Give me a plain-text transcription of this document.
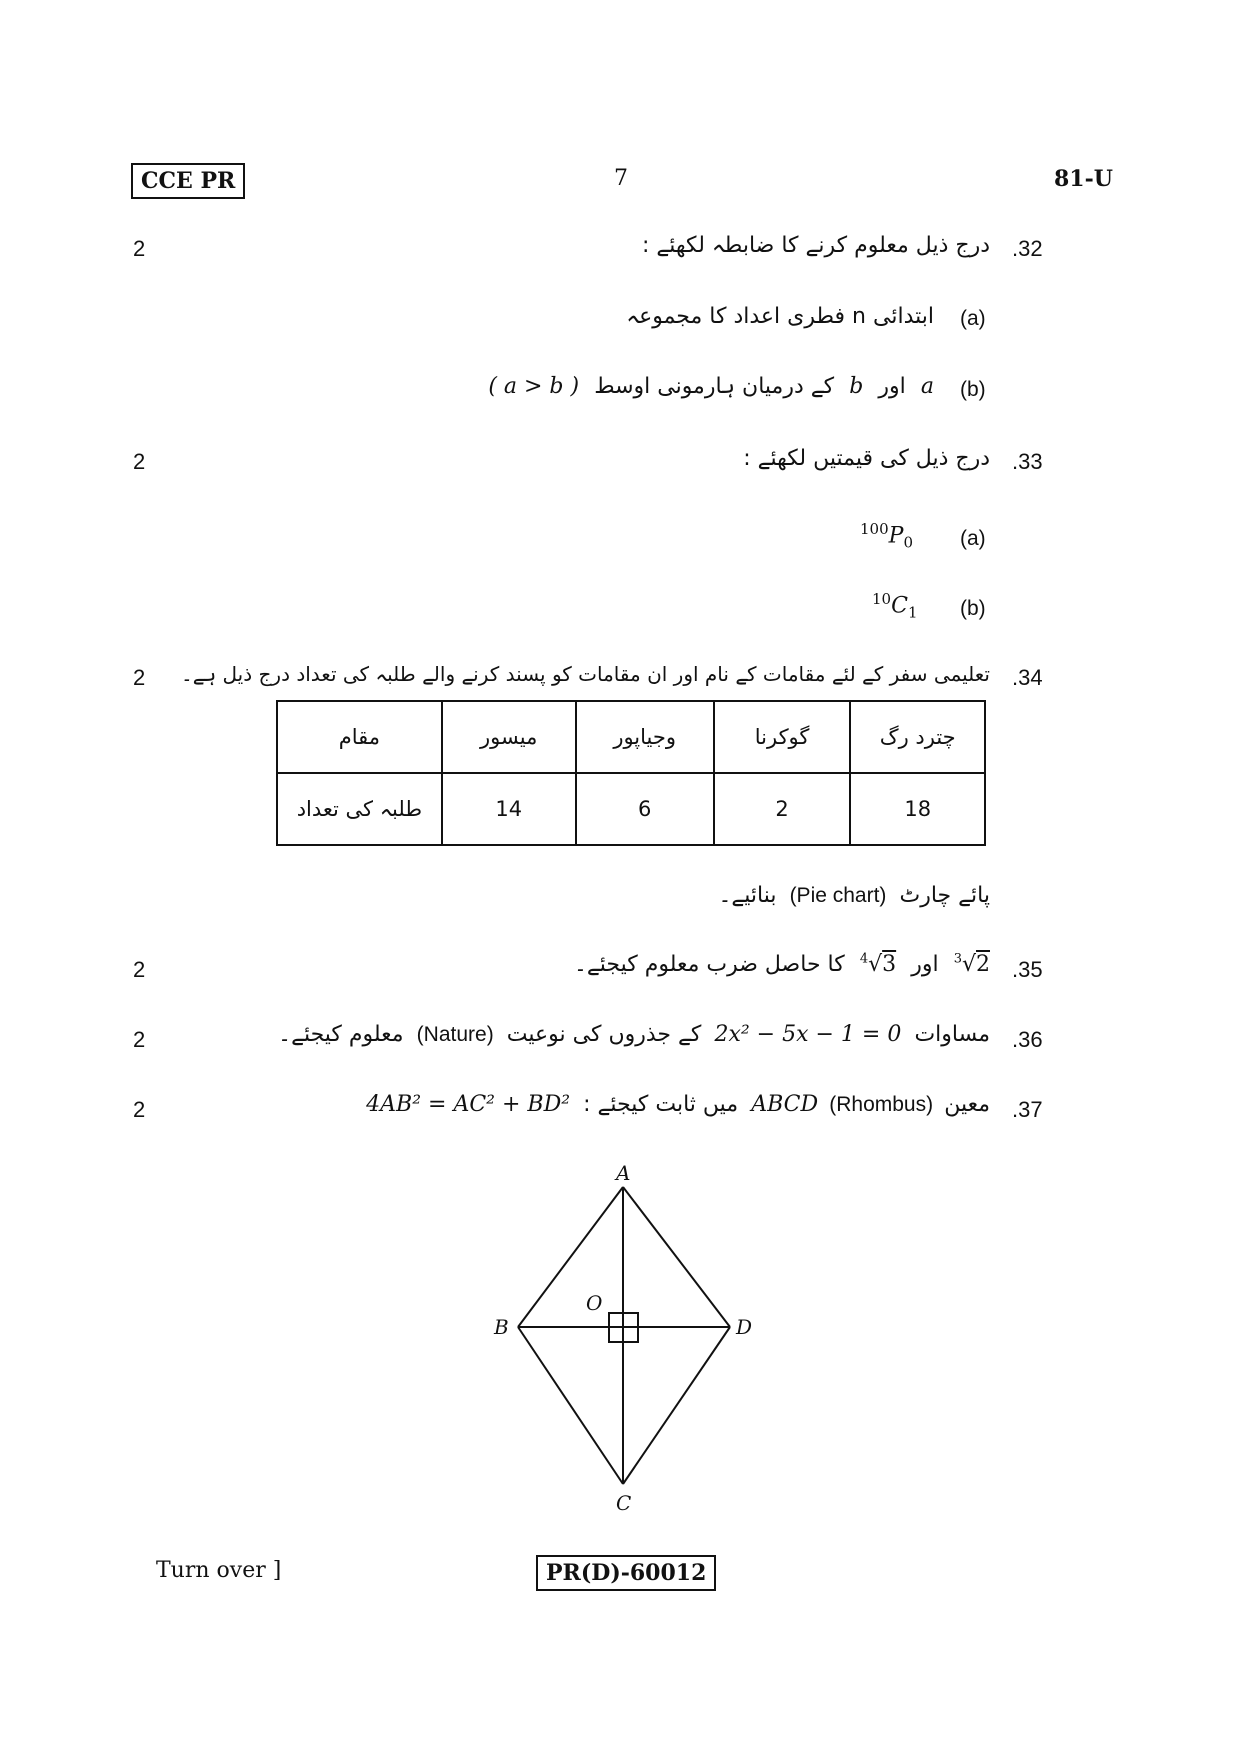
CCE PR	7	81-U
2	.32
درج ذیل معلوم کرنے کا ضابطہ لکھئے :
(a)
ابتدائی n فطری اعداد کا مجموعہ
(b)
a اور b کے درمیان ہارمونی اوسط ( a > b )
2	.33
درج ذیل کی قیمتیں لکھئے :
(a)
$^{100}P_0$
(b)
$^{10}C_1$
2	.34
تعلیمی سفر کے لئے مقامات کے نام اور ان مقامات کو پسند کرنے والے طلبہ کی تعداد درج ذیل ہے۔
مقام	میسور	وجیاپور	گوکرنا	چترد رگ
طلبہ کی تعداد	14	6	2	18
پائے چارٹ (Pie chart) بنائیے۔
2	.35
$^3$√2 اور $^4$√3 کا حاصل ضرب معلوم کیجئے۔
2	.36
مساوات 2x² − 5x − 1 = 0 کے جذروں کی نوعیت (Nature) معلوم کیجئے۔
2	.37
معین (Rhombus) ABCD میں ثابت کیجئے : 4AB² = AC² + BD²
A
B
C
D
O
Turn over ]	PR(D)-60012
